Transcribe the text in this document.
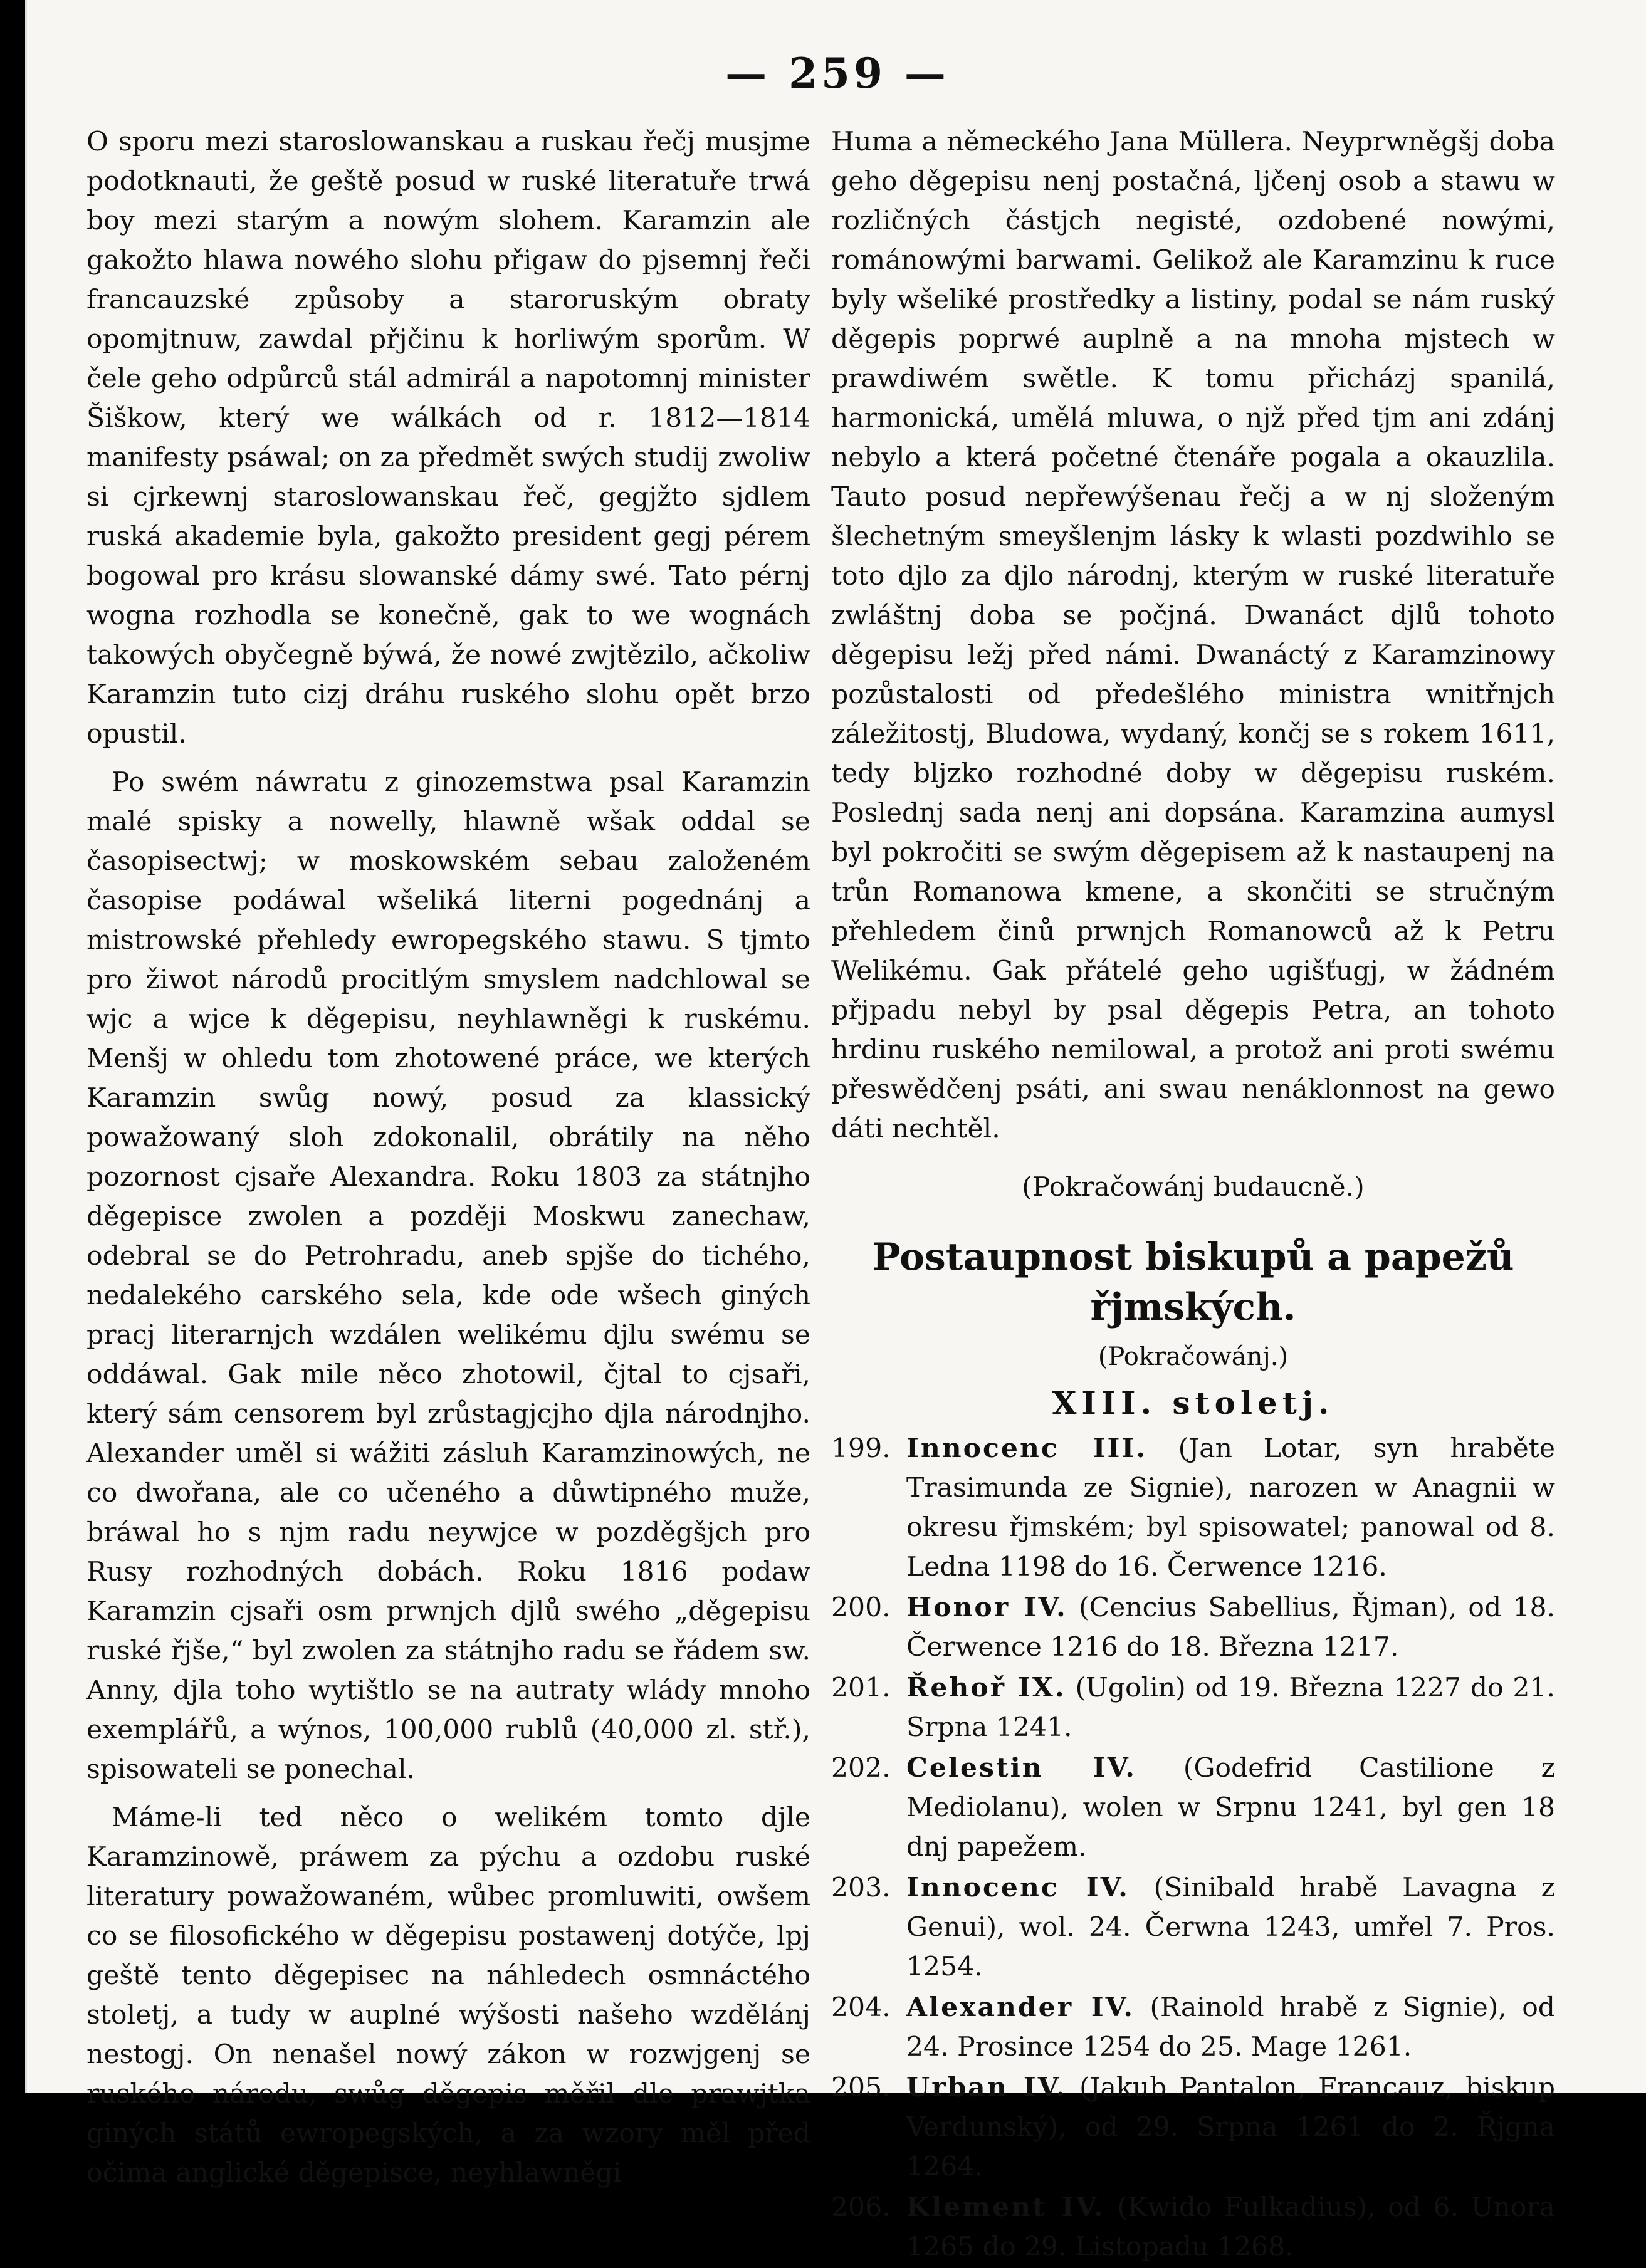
— 259 —

O sporu mezi staroslowanskau a ruskau řečj musjme podotknauti, že geště posud w ruské literatuře trwá boy mezi starým a nowým slohem. Karamzin ale gakožto hlawa nowého slohu přigaw do pjsemnj řeči francauzské způsoby a staroruským obraty opomjtnuw, zawdal přjčinu k horliwým sporům. W čele geho odpůrců stál admirál a napotomnj minister Šiškow, který we wálkách od r. 1812—1814 manifesty psáwal; on za předmět swých studij zwoliw si cjrkewnj staroslowanskau řeč, gegjžto sjdlem ruská akademie byla, gakožto president gegj pérem bogowal pro krásu slowanské dámy swé. Tato pérnj wogna rozhodla se konečně, gak to we wognách takowých obyčegně býwá, že nowé zwjtězilo, ačkoliw Karamzin tuto cizj dráhu ruského slohu opět brzo opustil.

Po swém náwratu z ginozemstwa psal Karamzin malé spisky a nowelly, hlawně wšak oddal se časopisectwj; w moskowském sebau založeném časopise podáwal wšeliká literni pogednánj a mistrowské přehledy ewropegského stawu. S tjmto pro žiwot národů procitlým smyslem nadchlowal se wjc a wjce k děgepisu, neyhlawněgi k ruskému. Menšj w ohledu tom zhotowené práce, we kterých Karamzin swůg nowý, posud za klassický powažowaný sloh zdokonalil, obrátily na něho pozornost cjsaře Alexandra. Roku 1803 za státnjho děgepisce zwolen a později Moskwu zanechaw, odebral se do Petrohradu, aneb spjše do tichého, nedalekého carského sela, kde ode wšech giných pracj literarnjch wzdálen welikému djlu swému se oddáwal. Gak mile něco zhotowil, čjtal to cjsaři, který sám censorem byl zrůstagjcjho djla národnjho. Alexander uměl si wážiti zásluh Karamzinowých, ne co dwořana, ale co učeného a důwtipného muže, bráwal ho s njm radu neywjce w pozděgšjch pro Rusy rozhodných dobách. Roku 1816 podaw Karamzin cjsaři osm prwnjch djlů swého „děgepisu ruské řjše,“ byl zwolen za státnjho radu se řádem sw. Anny, djla toho wytištlo se na autraty wlády mnoho exemplářů, a wýnos, 100,000 rublů (40,000 zl. stř.), spisowateli se ponechal.

Máme-li ted něco o welikém tomto djle Karamzinowě, práwem za pýchu a ozdobu ruské literatury powažowaném, wůbec promluwiti, owšem co se filosofického w děgepisu postawenj dotýče, lpj geště tento děgepisec na náhledech osmnáctého stoletj, a tudy w auplné wýšosti našeho wzdělánj nestogj. On nenašel nowý zákon w rozwjgenj se ruského národu, swůg děgepis měřil dle prawjtka giných států ewropegských, a za wzory měl před očima anglické děgepisce, neyhlawněgi

Huma a německého Jana Müllera. Neyprwněgšj doba geho děgepisu nenj postačná, ljčenj osob a stawu w rozličných částjch negisté, ozdobené nowými, románowými barwami. Gelikož ale Karamzinu k ruce byly wšeliké prostředky a listiny, podal se nám ruský děgepis poprwé auplně a na mnoha mjstech w prawdiwém swětle. K tomu přicházj spanilá, harmonická, umělá mluwa, o njž před tjm ani zdánj nebylo a která početné čtenáře pogala a okauzlila. Tauto posud nepřewýšenau řečj a w nj složeným šlechetným smeyšlenjm lásky k wlasti pozdwihlo se toto djlo za djlo národnj, kterým w ruské literatuře zwláštnj doba se počjná. Dwanáct djlů tohoto děgepisu ležj před námi. Dwanáctý z Karamzinowy pozůstalosti od předešlého ministra wnitřnjch záležitostj, Bludowa, wydaný, končj se s rokem 1611, tedy bljzko rozhodné doby w děgepisu ruském. Poslednj sada nenj ani dopsána. Karamzina aumysl byl pokročiti se swým děgepisem až k nastaupenj na trůn Romanowa kmene, a skončiti se stručným přehledem činů prwnjch Romanowců až k Petru Welikému. Gak přátelé geho ugišťugj, w žádném přjpadu nebyl by psal děgepis Petra, an tohoto hrdinu ruského nemilowal, a protož ani proti swému přeswědčenj psáti, ani swau nenáklonnost na gewo dáti nechtěl.

(Pokračowánj budaucně.)
Postaupnost biskupů a papežů řjmských.
(Pokračowánj.)
XIII. stoletj.
199. Innocenc III. (Jan Lotar, syn hraběte Trasimunda ze Signie), narozen w Anagnii w okresu řjmském; byl spisowatel; panowal od 8. Ledna 1198 do 16. Čerwence 1216.
200. Honor IV. (Cencius Sabellius, Řjman), od 18. Čerwence 1216 do 18. Března 1217.
201. Řehoř IX. (Ugolin) od 19. Března 1227 do 21. Srpna 1241.
202. Celestin IV. (Godefrid Castilione z Mediolanu), wolen w Srpnu 1241, byl gen 18 dnj papežem.
203. Innocenc IV. (Sinibald hrabě Lavagna z Genui), wol. 24. Čerwna 1243, umřel 7. Pros. 1254.
204. Alexander IV. (Rainold hrabě z Signie), od 24. Prosince 1254 do 25. Mage 1261.
205. Urban IV. (Jakub Pantalon, Francauz, biskup Verdunský), od 29. Srpna 1261 do 2. Řjgna 1264.
206. Klement IV. (Kwido Fulkadius), od 6. Unora 1265 do 29. Listopadu 1268.
